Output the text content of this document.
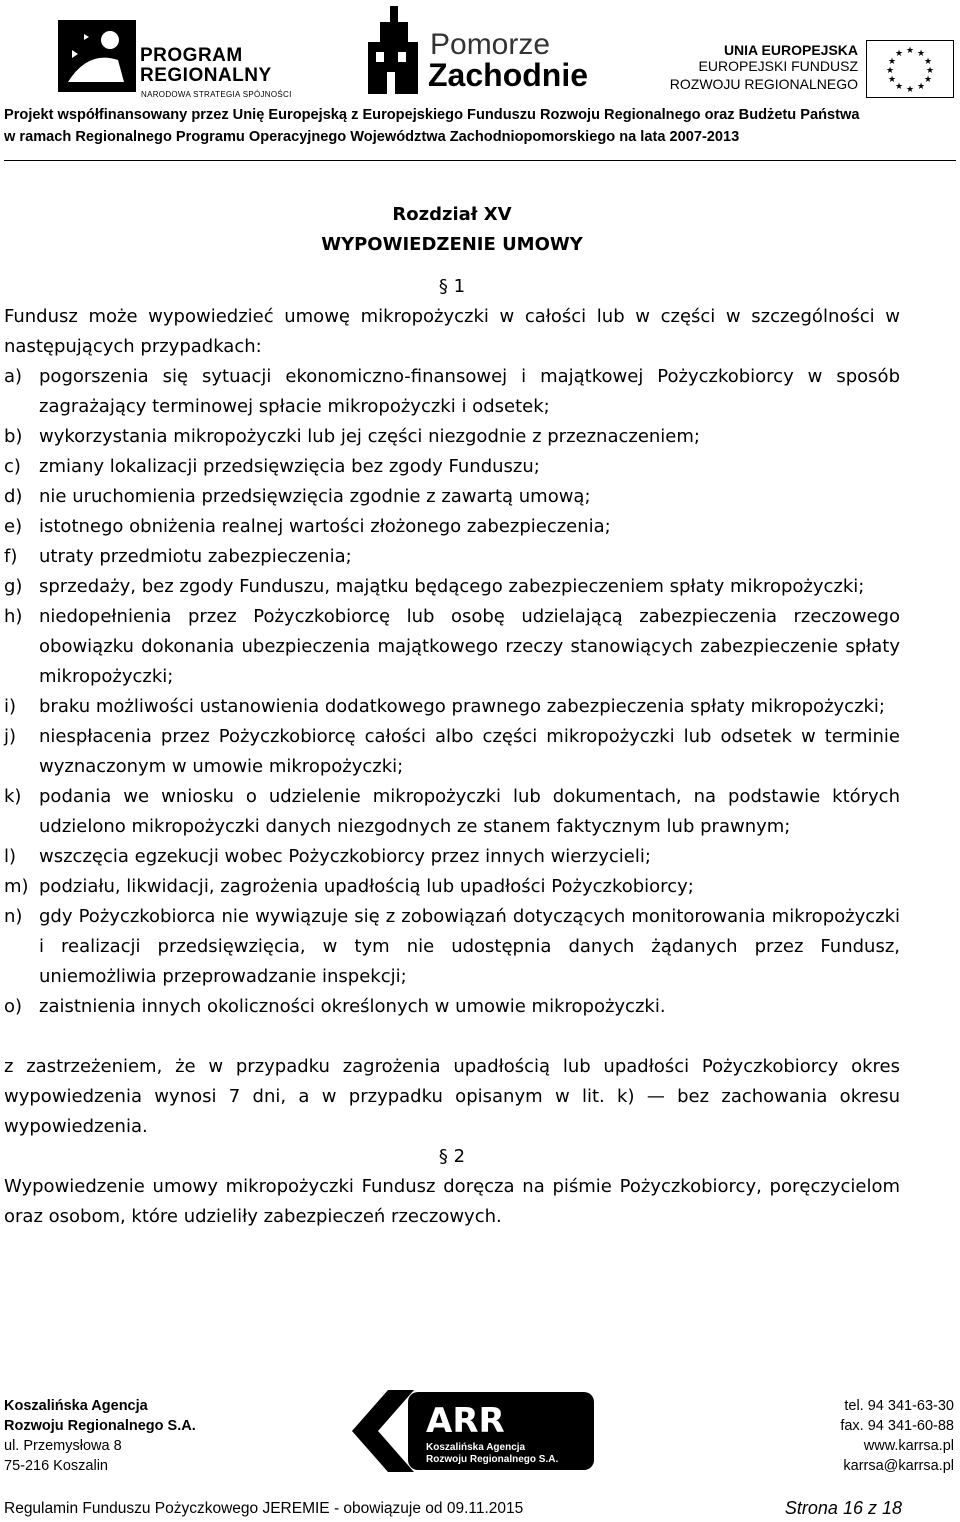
PROGRAM
REGIONALNY
NARODOWA STRATEGIA SPÓJNOŚCI
Pomorze
Zachodnie
UNIA EUROPEJSKA
EUROPEJSKI FUNDUSZ
ROZWOJU REGIONALNEGO
★ ★
★
★
★
★
★
★
★
★
★
★
Projekt współfinansowany przez Unię Europejską z Europejskiego Funduszu Rozwoju Regionalnego oraz Budżetu Państwa
w ramach Regionalnego Programu Operacyjnego Województwa Zachodniopomorskiego na lata 2007-2013
Rozdział XV
WYPOWIEDZENIE UMOWY
§ 1

Fundusz może wypowiedzieć umowę mikropożyczki w całości lub w części w szczególności w następujących przypadkach:

a) pogorszenia się sytuacji ekonomiczno-finansowej i majątkowej Pożyczkobiorcy w sposób zagrażający terminowej spłacie mikropożyczki i odsetek;
b) wykorzystania mikropożyczki lub jej części niezgodnie z przeznaczeniem;
c)	zmiany lokalizacji przedsięwzięcia bez zgody Funduszu;
d) nie uruchomienia przedsięwzięcia zgodnie z zawartą umową;
e) istotnego obniżenia realnej wartości złożonego zabezpieczenia;
f)	utraty przedmiotu zabezpieczenia;
g) sprzedaży, bez zgody Funduszu, majątku będącego zabezpieczeniem spłaty mikropożyczki;
h) niedopełnienia przez Pożyczkobiorcę lub osobę udzielającą zabezpieczenia rzeczowego obowiązku dokonania ubezpieczenia majątkowego rzeczy stanowiących zabezpieczenie spłaty mikropożyczki;
i)	braku możliwości ustanowienia dodatkowego prawnego zabezpieczenia spłaty mikropożyczki;
j)	niespłacenia przez Pożyczkobiorcę całości albo części mikropożyczki lub odsetek w terminie wyznaczonym w umowie mikropożyczki;
k) podania we wniosku o udzielenie mikropożyczki lub dokumentach, na podstawie których udzielono mikropożyczki danych niezgodnych ze stanem faktycznym lub prawnym;
l)	wszczęcia egzekucji wobec Pożyczkobiorcy przez innych wierzycieli;
m) podziału, likwidacji, zagrożenia upadłością lub upadłości Pożyczkobiorcy;
n) gdy Pożyczkobiorca nie wywiązuje się z zobowiązań dotyczących monitorowania mikropożyczki i realizacji przedsięwzięcia, w tym nie udostępnia danych żądanych przez Fundusz, uniemożliwia przeprowadzanie inspekcji;
o) zaistnienia innych okoliczności określonych w umowie mikropożyczki.

z zastrzeżeniem, że w przypadku zagrożenia upadłością lub upadłości Pożyczkobiorcy okres wypowiedzenia wynosi 7 dni, a w przypadku opisanym w lit. k) — bez zachowania okresu wypowiedzenia.

§ 2

Wypowiedzenie umowy mikropożyczki Fundusz doręcza na piśmie Pożyczkobiorcy, poręczycielom oraz osobom, które udzieliły zabezpieczeń rzeczowych.

Koszalińska Agencja
Rozwoju Regionalnego S.A.
ul. Przemysłowa 8
75-216 Koszalin
ARR
Koszalińska Agencja
Rozwoju Regionalnego S.A.
tel. 94 341-63-30
fax. 94 341-60-88
www.karrsa.pl
karrsa@karrsa.pl
Regulamin Funduszu Pożyczkowego JEREMIE - obowiązuje od 09.11.2015	Strona 16 z 18
